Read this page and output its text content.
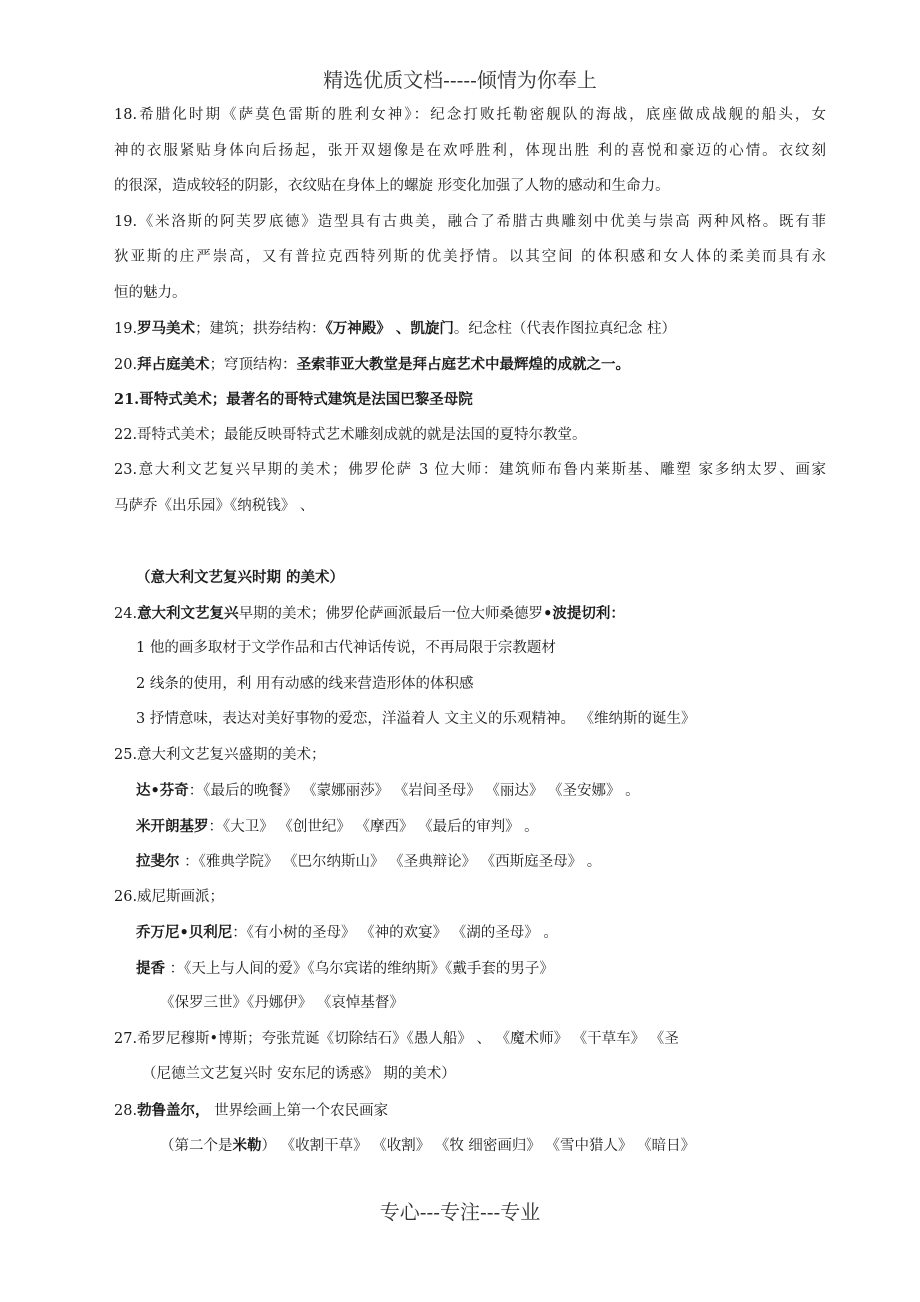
精选优质文档-----倾情为你奉上
18.希腊化时期《萨莫色雷斯的胜利女神》：纪念打败托勒密舰队的海战，底座做成战舰的船头，女
神的衣服紧贴身体向后扬起，张开双翅像是在欢呼胜利，体现出胜 利的喜悦和豪迈的心情。衣纹刻
的很深，造成较轻的阴影，衣纹贴在身体上的螺旋 形变化加强了人物的感动和生命力。
19.《米洛斯的阿芙罗底德》造型具有古典美，融合了希腊古典雕刻中优美与崇高 两种风格。既有菲
狄亚斯的庄严崇高，又有普拉克西特列斯的优美抒情。以其空间 的体积感和女人体的柔美而具有永
恒的魅力。
19.罗马美术；建筑；拱券结构：《万神殿》 、凯旋门。纪念柱（代表作图拉真纪念 柱）
20.拜占庭美术；穹顶结构：圣索菲亚大教堂是拜占庭艺术中最辉煌的成就之一。
21.哥特式美术；最著名的哥特式建筑是法国巴黎圣母院
22.哥特式美术；最能反映哥特式艺术雕刻成就的就是法国的夏特尔教堂。
23.意大利文艺复兴早期的美术；佛罗伦萨 3 位大师：建筑师布鲁内莱斯基、雕塑 家多纳太罗、画家
马萨乔《出乐园》《纳税钱》 、
（意大利文艺复兴时期 的美术）
24.意大利文艺复兴早期的美术；佛罗伦萨画派最后一位大师桑德罗•波提切利：
1 他的画多取材于文学作品和古代神话传说，不再局限于宗教题材
2 线条的使用，利 用有动感的线来营造形体的体积感
3 抒情意味，表达对美好事物的爱恋，洋溢着人 文主义的乐观精神。 《维纳斯的诞生》
25.意大利文艺复兴盛期的美术；
达•芬奇：《最后的晚餐》 《蒙娜丽莎》 《岩间圣母》 《丽达》 《圣安娜》 。
米开朗基罗：《大卫》 《创世纪》 《摩西》 《最后的审判》 。
拉斐尔 ：《雅典学院》 《巴尔纳斯山》 《圣典辩论》 《西斯庭圣母》 。
26.威尼斯画派；
乔万尼•贝利尼：《有小树的圣母》 《神的欢宴》 《湖的圣母》 。
提香 ：《天上与人间的爱》《乌尔宾诺的维纳斯》《戴手套的男子》
《保罗三世》《丹娜伊》 《哀悼基督》
27.希罗尼穆斯•博斯；夸张荒诞《切除结石》《愚人船》 、 《魔术师》 《干草车》 《圣
（尼德兰文艺复兴时 安东尼的诱惑》 期的美术）
28.勃鲁盖尔， 世界绘画上第一个农民画家
（第二个是米勒） 《收割干草》 《收割》 《牧 细密画归》 《雪中猎人》 《暗日》
专心---专注---专业
